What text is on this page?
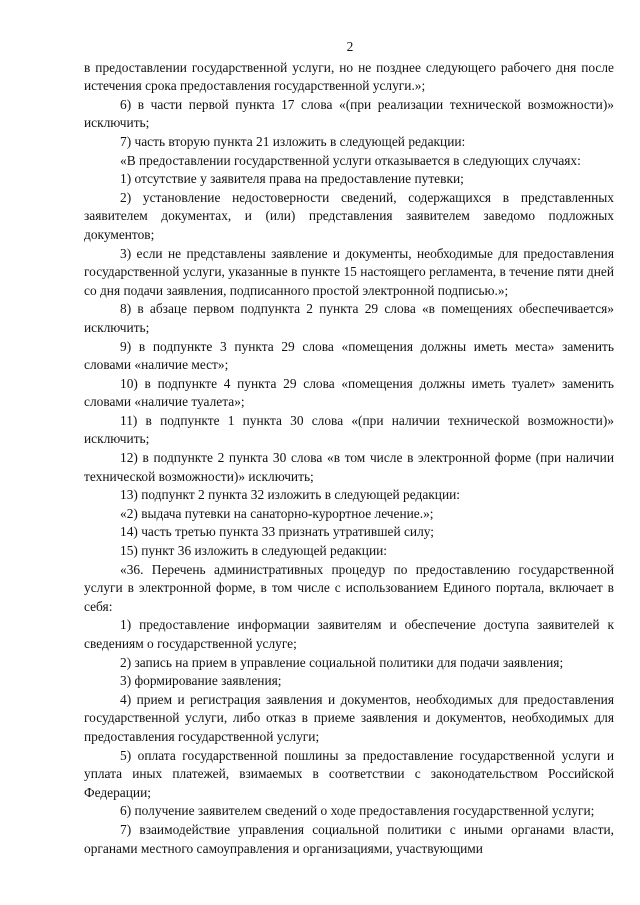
2

в предоставлении государственной услуги, но не позднее следующего рабочего дня после истечения срока предоставления государственной услуги.»;

6) в части первой пункта 17 слова «(при реализации технической возможности)» исключить;

7) часть вторую пункта 21 изложить в следующей редакции:

«В предоставлении государственной услуги отказывается в следующих случаях:

1) отсутствие у заявителя права на предоставление путевки;

2) установление недостоверности сведений, содержащихся в представленных заявителем документах, и (или) представления заявителем заведомо подложных документов;

3) если не представлены заявление и документы, необходимые для предоставления государственной услуги, указанные в пункте 15 настоящего регламента, в течение пяти дней со дня подачи заявления, подписанного простой электронной подписью.»;

8) в абзаце первом подпункта 2 пункта 29 слова «в помещениях обеспечивается» исключить;

9) в подпункте 3 пункта 29 слова «помещения должны иметь места» заменить словами «наличие мест»;

10) в подпункте 4 пункта 29 слова «помещения должны иметь туалет» заменить словами «наличие туалета»;

11) в подпункте 1 пункта 30 слова «(при наличии технической возможности)» исключить;

12) в подпункте 2 пункта 30 слова «в том числе в электронной форме (при наличии технической возможности)» исключить;

13) подпункт 2 пункта 32 изложить в следующей редакции:

«2) выдача путевки на санаторно-курортное лечение.»;

14) часть третью пункта 33 признать утратившей силу;

15) пункт 36 изложить в следующей редакции:

«36. Перечень административных процедур по предоставлению государственной услуги в электронной форме, в том числе с использованием Единого портала, включает в себя:

1) предоставление информации заявителям и обеспечение доступа заявителей к сведениям о государственной услуге;

2) запись на прием в управление социальной политики для подачи заявления;

3) формирование заявления;

4) прием и регистрация заявления и документов, необходимых для предоставления государственной услуги, либо отказ в приеме заявления и документов, необходимых для предоставления государственной услуги;

5) оплата государственной пошлины за предоставление государственной услуги и уплата иных платежей, взимаемых в соответствии с законодательством Российской Федерации;

6) получение заявителем сведений о ходе предоставления государственной услуги;

7) взаимодействие управления социальной политики с иными органами власти, органами местного самоуправления и организациями, участвующими
